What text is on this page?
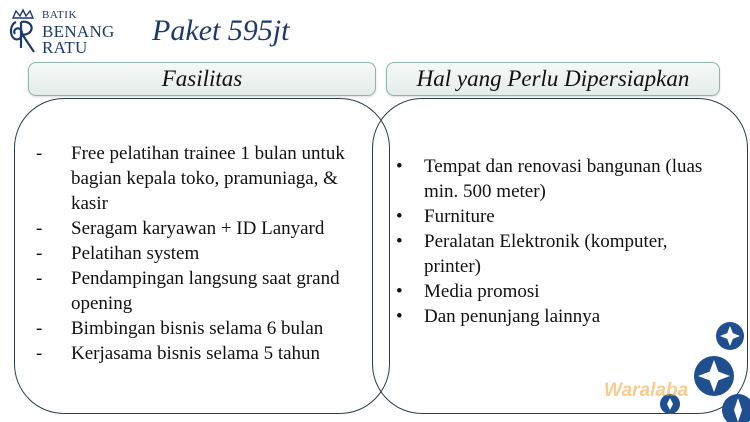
BATIK
BENANG
RATU
Paket 595jt
Fasilitas	Hal yang Perlu Dipersiapkan
- Free pelatihan trainee 1 bulan untuk bagian kepala toko, pramuniaga, & kasir
- Seragam karyawan + ID Lanyard
- Pelatihan system
- Pendampingan langsung saat grand opening
- Bimbingan bisnis selama 6 bulan
- Kerjasama bisnis selama 5 tahun
• Tempat dan renovasi bangunan (luas min. 500 meter)
• Furniture
• Peralatan Elektronik (komputer, printer)
• Media promosi
• Dan penunjang lainnya
Waralaba
